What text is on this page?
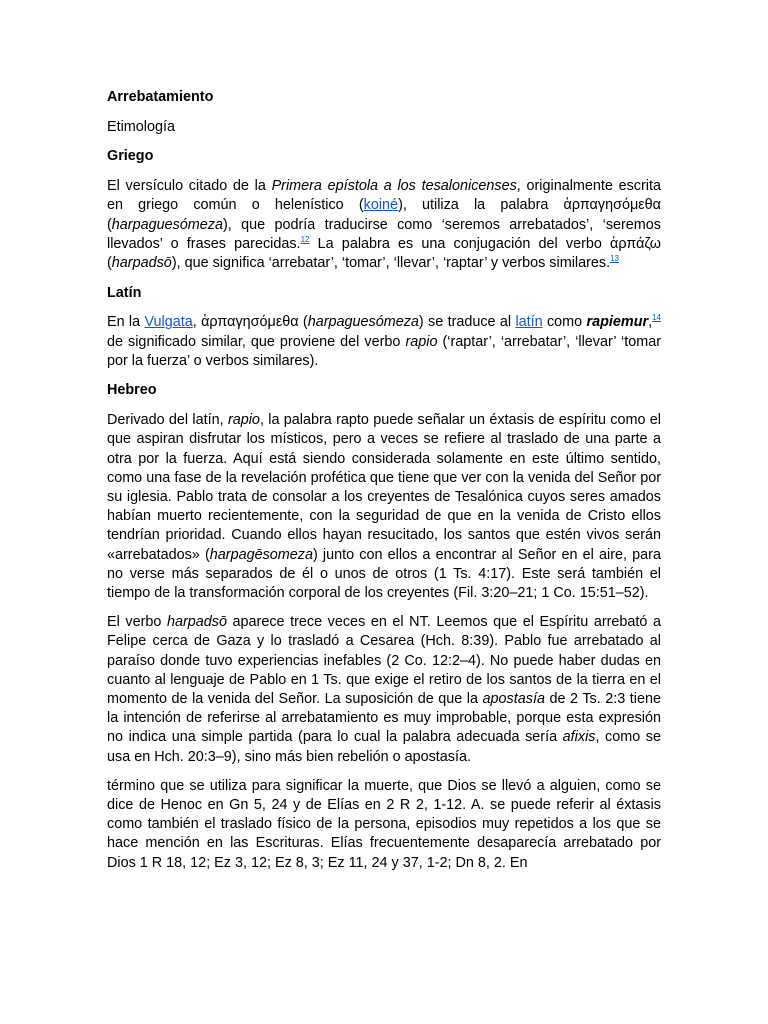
Arrebatamiento

Etimología

Griego

El versículo citado de la Primera epístola a los tesalonicenses, originalmente escrita en griego común o helenístico (koiné), utiliza la palabra ἁρπαγησόμεθα (harpaguesómeza), que podría traducirse como ‘seremos arrebatados’, ‘seremos llevados’ o frases parecidas.$^{12}$ La palabra es una conjugación del verbo ἁρπάζω (harpadsō), que significa ‘arrebatar’, ‘tomar’, ‘llevar’, ‘raptar’ y verbos similares.$^{13}$

Latín

En la Vulgata, ἁρπαγησόμεθα (harpaguesómeza) se traduce al latín como rapiemur,$^{14}$ de significado similar, que proviene del verbo rapio (‘raptar’, ‘arrebatar’, ‘llevar’ ‘tomar por la fuerza’ o verbos similares).

Hebreo

Derivado del latín, rapio, la palabra rapto puede señalar un éxtasis de espíritu como el que aspiran disfrutar los místicos, pero a veces se refiere al traslado de una parte a otra por la fuerza. Aquí está siendo considerada solamente en este último sentido, como una fase de la revelación profética que tiene que ver con la venida del Señor por su iglesia. Pablo trata de consolar a los creyentes de Tesalónica cuyos seres amados habían muerto recientemente, con la seguridad de que en la venida de Cristo ellos tendrían prioridad. Cuando ellos hayan resucitado, los santos que estén vivos serán «arrebatados» (harpagēsomeza) junto con ellos a encontrar al Señor en el aire, para no verse más separados de él o unos de otros (1 Ts. 4:17). Este será también el tiempo de la transformación corporal de los creyentes (Fil. 3:20–21; 1 Co. 15:51–52).

El verbo harpadsō aparece trece veces en el NT. Leemos que el Espíritu arrebató a Felipe cerca de Gaza y lo trasladó a Cesarea (Hch. 8:39). Pablo fue arrebatado al paraíso donde tuvo experiencias inefables (2 Co. 12:2–4). No puede haber dudas en cuanto al lenguaje de Pablo en 1 Ts. que exige el retiro de los santos de la tierra en el momento de la venida del Señor. La suposición de que la apostasía de 2 Ts. 2:3 tiene la intención de referirse al arrebatamiento es muy improbable, porque esta expresión no indica una simple partida (para lo cual la palabra adecuada sería afixis, como se usa en Hch. 20:3–9), sino más bien rebelión o apostasía.

término que se utiliza para significar la muerte, que Dios se llevó a alguien, como se dice de Henoc en Gn 5, 24 y de Elías en 2 R 2, 1-12. A. se puede referir al éxtasis como también el traslado físico de la persona, episodios muy repetidos a los que se hace mención en las Escrituras. Elías frecuentemente desaparecía arrebatado por Dios 1 R 18, 12; Ez 3, 12; Ez 8, 3; Ez 11, 24 y 37, 1-2; Dn 8, 2. En
